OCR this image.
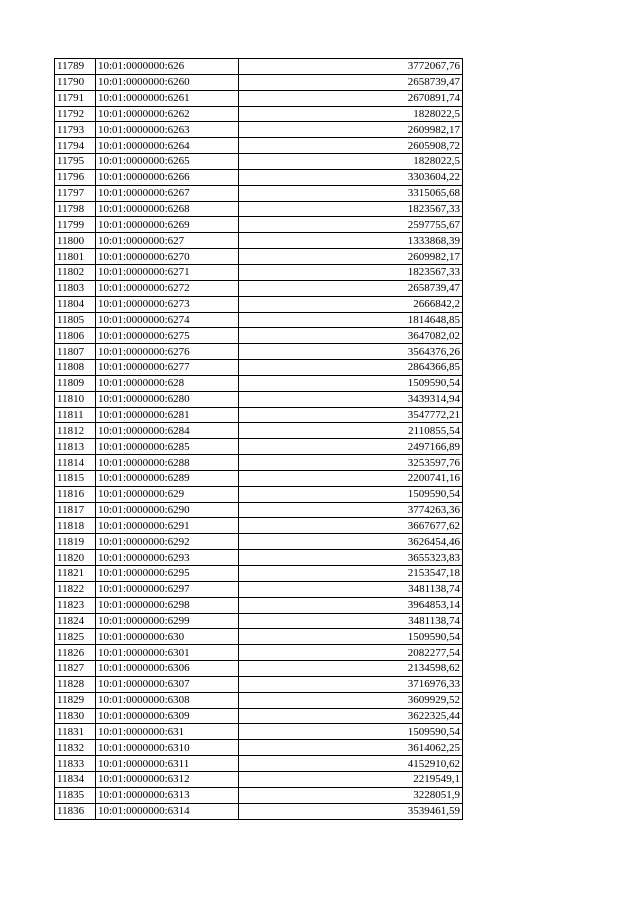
11789	10:01:0000000:626	3772067,76
11790	10:01:0000000:6260	2658739,47
11791	10:01:0000000:6261	2670891,74
11792	10:01:0000000:6262	1828022,5
11793	10:01:0000000:6263	2609982,17
11794	10:01:0000000:6264	2605908,72
11795	10:01:0000000:6265	1828022,5
11796	10:01:0000000:6266	3303604,22
11797	10:01:0000000:6267	3315065,68
11798	10:01:0000000:6268	1823567,33
11799	10:01:0000000:6269	2597755,67
11800	10:01:0000000:627	1333868,39
11801	10:01:0000000:6270	2609982,17
11802	10:01:0000000:6271	1823567,33
11803	10:01:0000000:6272	2658739,47
11804	10:01:0000000:6273	2666842,2
11805	10:01:0000000:6274	1814648,85
11806	10:01:0000000:6275	3647082,02
11807	10:01:0000000:6276	3564376,26
11808	10:01:0000000:6277	2864366,85
11809	10:01:0000000:628	1509590,54
11810	10:01:0000000:6280	3439314,94
11811	10:01:0000000:6281	3547772,21
11812	10:01:0000000:6284	2110855,54
11813	10:01:0000000:6285	2497166,89
11814	10:01:0000000:6288	3253597,76
11815	10:01:0000000:6289	2200741,16
11816	10:01:0000000:629	1509590,54
11817	10:01:0000000:6290	3774263,36
11818	10:01:0000000:6291	3667677,62
11819	10:01:0000000:6292	3626454,46
11820	10:01:0000000:6293	3655323,83
11821	10:01:0000000:6295	2153547,18
11822	10:01:0000000:6297	3481138,74
11823	10:01:0000000:6298	3964853,14
11824	10:01:0000000:6299	3481138,74
11825	10:01:0000000:630	1509590,54
11826	10:01:0000000:6301	2082277,54
11827	10:01:0000000:6306	2134598,62
11828	10:01:0000000:6307	3716976,33
11829	10:01:0000000:6308	3609929,52
11830	10:01:0000000:6309	3622325,44
11831	10:01:0000000:631	1509590,54
11832	10:01:0000000:6310	3614062,25
11833	10:01:0000000:6311	4152910,62
11834	10:01:0000000:6312	2219549,1
11835	10:01:0000000:6313	3228051,9
11836	10:01:0000000:6314	3539461,59
